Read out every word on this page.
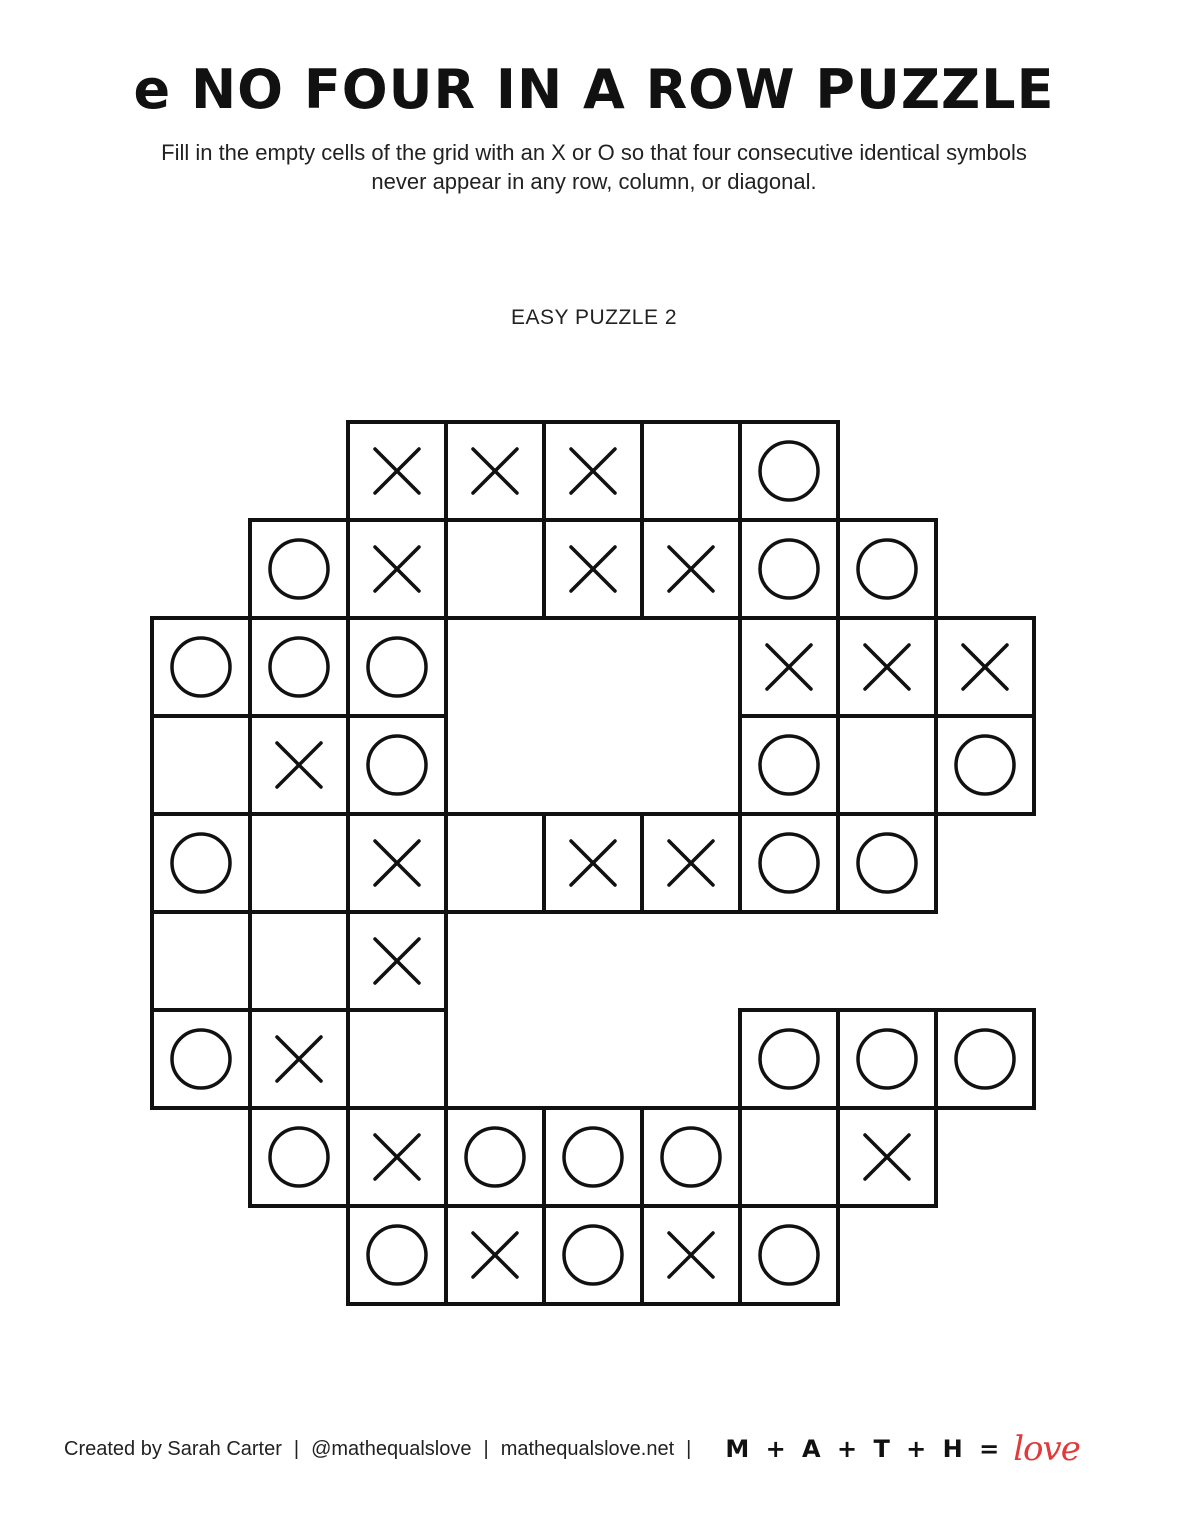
e NO FOUR IN A ROW PUZZLE
Fill in the empty cells of the grid with an X or O so that four consecutive identical symbols
never appear in any row, column, or diagonal.
EASY PUZZLE 2
Created by Sarah Carter | @mathequalslove | mathequalslove.net | M + A + T + H = love
